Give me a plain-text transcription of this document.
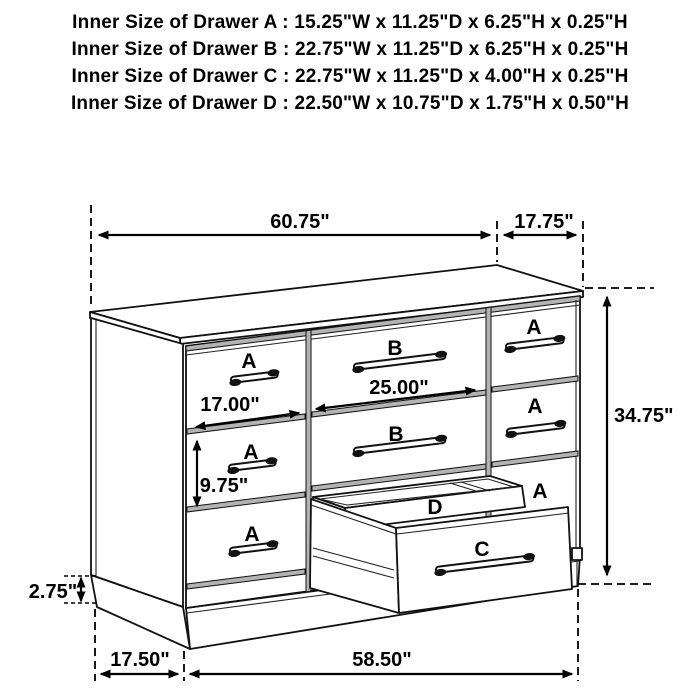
Inner Size of Drawer A : 15.25"W x 11.25"D x 6.25"H x 0.25"H
Inner Size of Drawer B : 22.75"W x 11.25"D x 6.25"H x 0.25"H
Inner Size of Drawer C : 22.75"W x 11.25"D x 4.00"H x 0.25"H
Inner Size of Drawer D : 22.50"W x 10.75"D x 1.75"H x 0.50"H
A
A
A
A
A
A
B
B
17.00"
25.00"
9.75"
D
C
60.75"	17.75"
34.75"
2.75"
17.50"	58.50"
